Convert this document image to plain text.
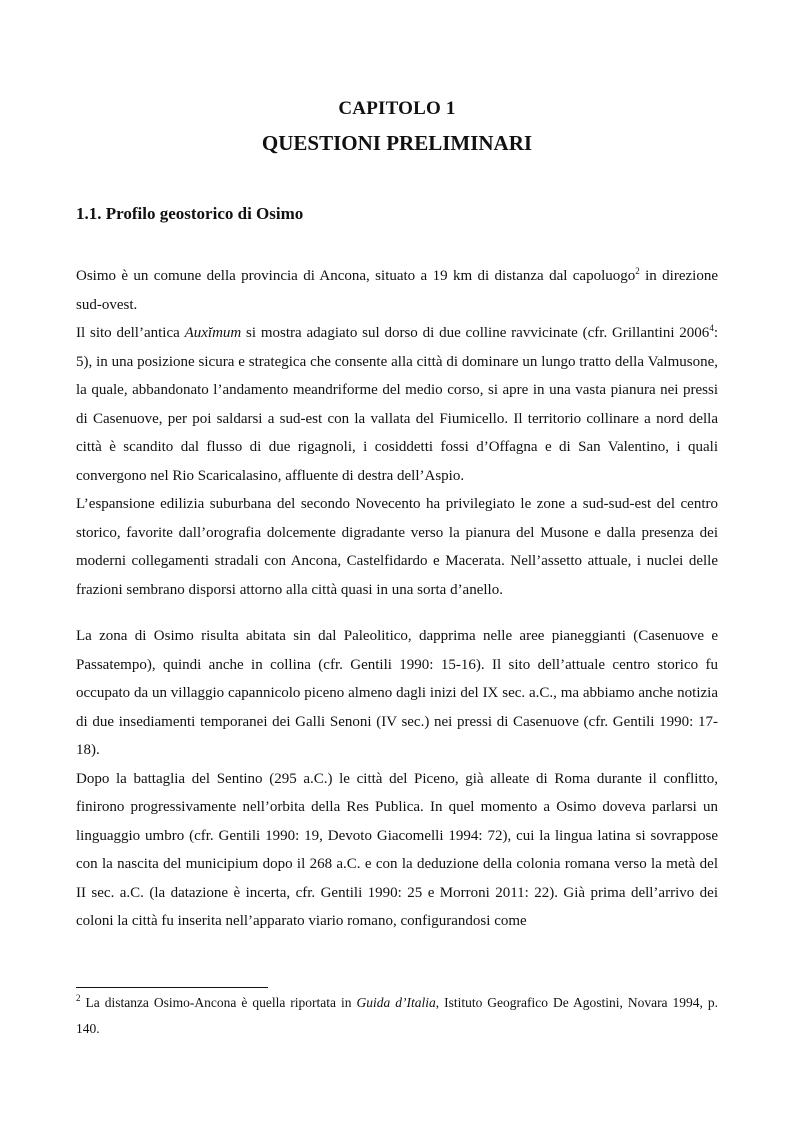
CAPITOLO 1
QUESTIONI PRELIMINARI
1.1. Profilo geostorico di Osimo

Osimo è un comune della provincia di Ancona, situato a 19 km di distanza dal capoluogo$^2$ in direzione sud-ovest.

Il sito dell’antica Auxĭmum si mostra adagiato sul dorso di due colline ravvicinate (cfr. Grillantini 2006$^4$: 5), in una posizione sicura e strategica che consente alla città di dominare un lungo tratto della Valmusone, la quale, abbandonato l’andamento meandriforme del medio corso, si apre in una vasta pianura nei pressi di Casenuove, per poi saldarsi a sud-est con la vallata del Fiumicello. Il territorio collinare a nord della città è scandito dal flusso di due rigagnoli, i cosiddetti fossi d’Offagna e di San Valentino, i quali convergono nel Rio Scaricalasino, affluente di destra dell’Aspio.

L’espansione edilizia suburbana del secondo Novecento ha privilegiato le zone a sud-sud-est del centro storico, favorite dall’orografia dolcemente digradante verso la pianura del Musone e dalla presenza dei moderni collegamenti stradali con Ancona, Castelfidardo e Macerata. Nell’assetto attuale, i nuclei delle frazioni sembrano disporsi attorno alla città quasi in una sorta d’anello.

La zona di Osimo risulta abitata sin dal Paleolitico, dapprima nelle aree pianeggianti (Casenuove e Passatempo), quindi anche in collina (cfr. Gentili 1990: 15-16). Il sito dell’attuale centro storico fu occupato da un villaggio capannicolo piceno almeno dagli inizi del IX sec. a.C., ma abbiamo anche notizia di due insediamenti temporanei dei Galli Senoni (IV sec.) nei pressi di Casenuove (cfr. Gentili 1990: 17-18).

Dopo la battaglia del Sentino (295 a.C.) le città del Piceno, già alleate di Roma durante il conflitto, finirono progressivamente nell’orbita della Res Publica. In quel momento a Osimo doveva parlarsi un linguaggio umbro (cfr. Gentili 1990: 19, Devoto Giacomelli 1994: 72), cui la lingua latina si sovrappose con la nascita del municipium dopo il 268 a.C. e con la deduzione della colonia romana verso la metà del II sec. a.C. (la datazione è incerta, cfr. Gentili 1990: 25 e Morroni 2011: 22). Già prima dell’arrivo dei coloni la città fu inserita nell’apparato viario romano, configurandosi come

$^2$ La distanza Osimo-Ancona è quella riportata in Guida d’Italia, Istituto Geografico De Agostini, Novara 1994, p. 140.
